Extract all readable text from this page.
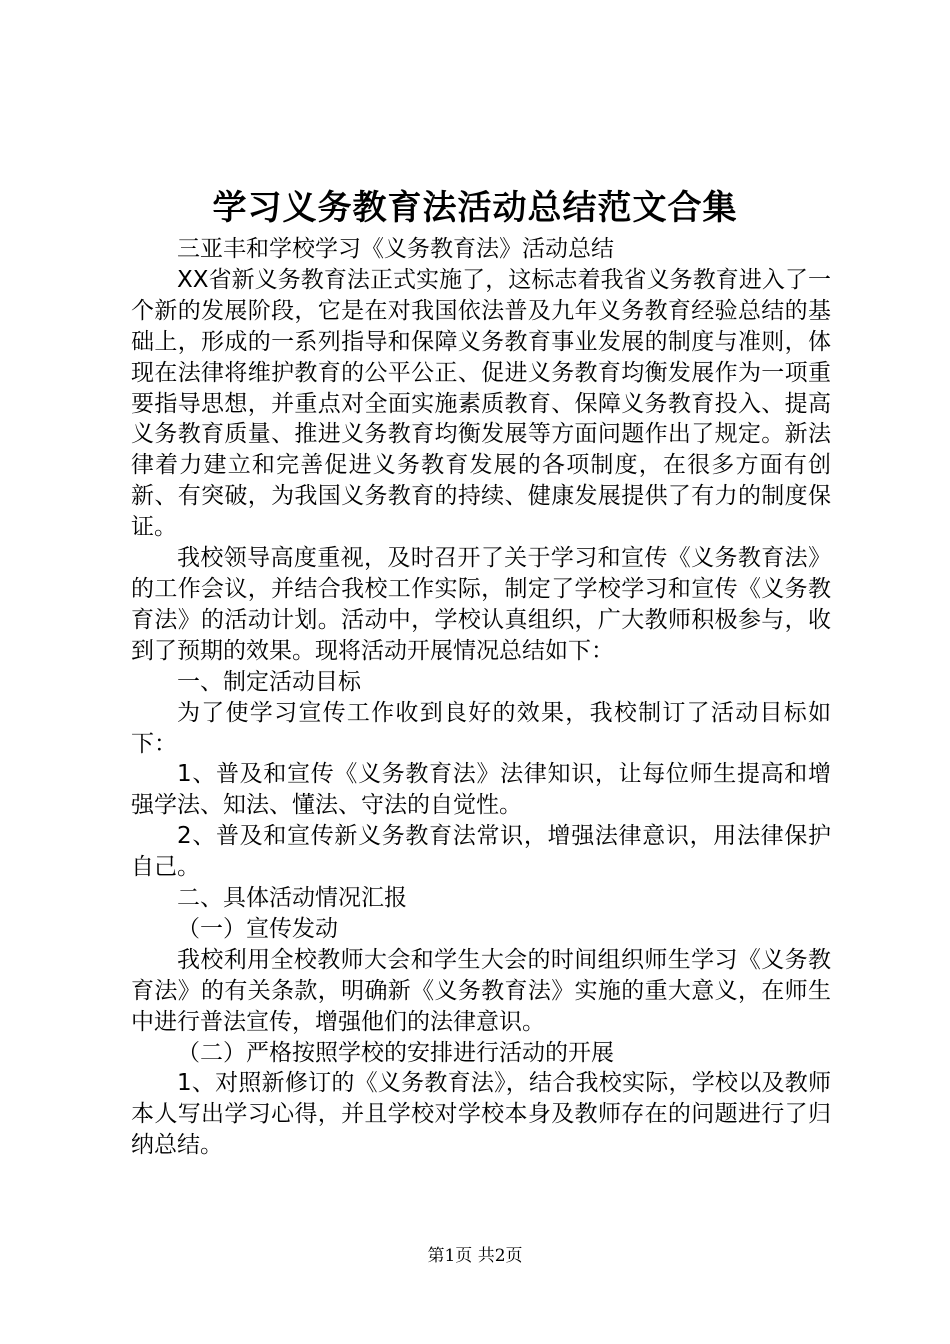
学习义务教育法活动总结范文合集

三亚丰和学校学习《义务教育法》活动总结

XX省新义务教育法正式实施了，这标志着我省义务教育进入了一个新的发展阶段，它是在对我国依法普及九年义务教育经验总结的基础上，形成的一系列指导和保障义务教育事业发展的制度与准则，体现在法律将维护教育的公平公正、促进义务教育均衡发展作为一项重要指导思想，并重点对全面实施素质教育、保障义务教育投入、提高义务教育质量、推进义务教育均衡发展等方面问题作出了规定。新法律着力建立和完善促进义务教育发展的各项制度，在很多方面有创新、有突破，为我国义务教育的持续、健康发展提供了有力的制度保证。

我校领导高度重视，及时召开了关于学习和宣传《义务教育法》的工作会议，并结合我校工作实际，制定了学校学习和宣传《义务教育法》的活动计划。活动中，学校认真组织，广大教师积极参与，收到了预期的效果。现将活动开展情况总结如下：

一、制定活动目标

为了使学习宣传工作收到良好的效果，我校制订了活动目标如下：

1、普及和宣传《义务教育法》法律知识，让每位师生提高和增强学法、知法、懂法、守法的自觉性。

2、普及和宣传新义务教育法常识，增强法律意识，用法律保护自己。

二、具体活动情况汇报

（一）宣传发动

我校利用全校教师大会和学生大会的时间组织师生学习《义务教育法》的有关条款，明确新《义务教育法》实施的重大意义，在师生中进行普法宣传，增强他们的法律意识。

（二）严格按照学校的安排进行活动的开展

1、对照新修订的《义务教育法》，结合我校实际，学校以及教师本人写出学习心得，并且学校对学校本身及教师存在的问题进行了归纳总结。

第1页 共2页
